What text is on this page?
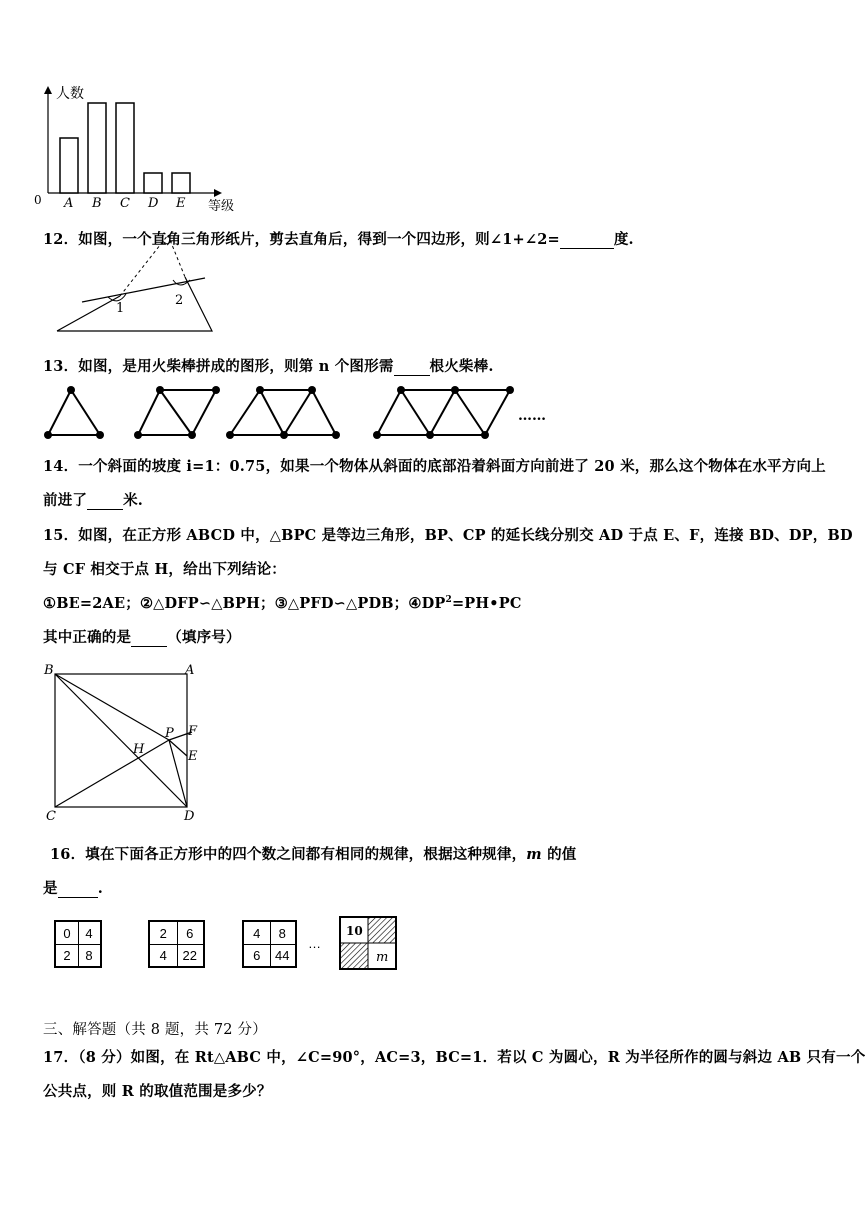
人数
等级
0 A B C D E
12．如图，一个直角三角形纸片，剪去直角后，得到一个四边形，则∠1+∠2=	度.
1
2
13．如图，是用火柴棒拼成的图形，则第 n 个图形需 根火柴棒.
……
14．一个斜面的坡度 i=1：0.75，如果一个物体从斜面的底部沿着斜面方向前进了 20 米，那么这个物体在水平方向上
前进了 米.
15．如图，在正方形 ABCD 中，△BPC 是等边三角形，BP、CP 的延长线分别交 AD 于点 E、F，连接 BD、DP，BD
与 CF 相交于点 H，给出下列结论：
①BE=2AE；②△DFP∽△BPH；③△PFD∽△PDB；$④DP^2=PH•PC$
其中正确的是 （填序号）
B	A
C	D
H
P F
E
16．填在下面各正方形中的四个数之间都有相同的规律，根据这种规律，m 的值
是	.
0	4
2	8
2	6
4	22
4	8
6	44
…
10
m
三、解答题（共 8 题，共 72 分）
17．（8 分）如图，在 Rt△ABC 中，∠C=90°，AC=3，BC=1．若以 C 为圆心，R 为半径所作的圆与斜边 AB 只有一个
公共点，则 R 的取值范围是多少？
